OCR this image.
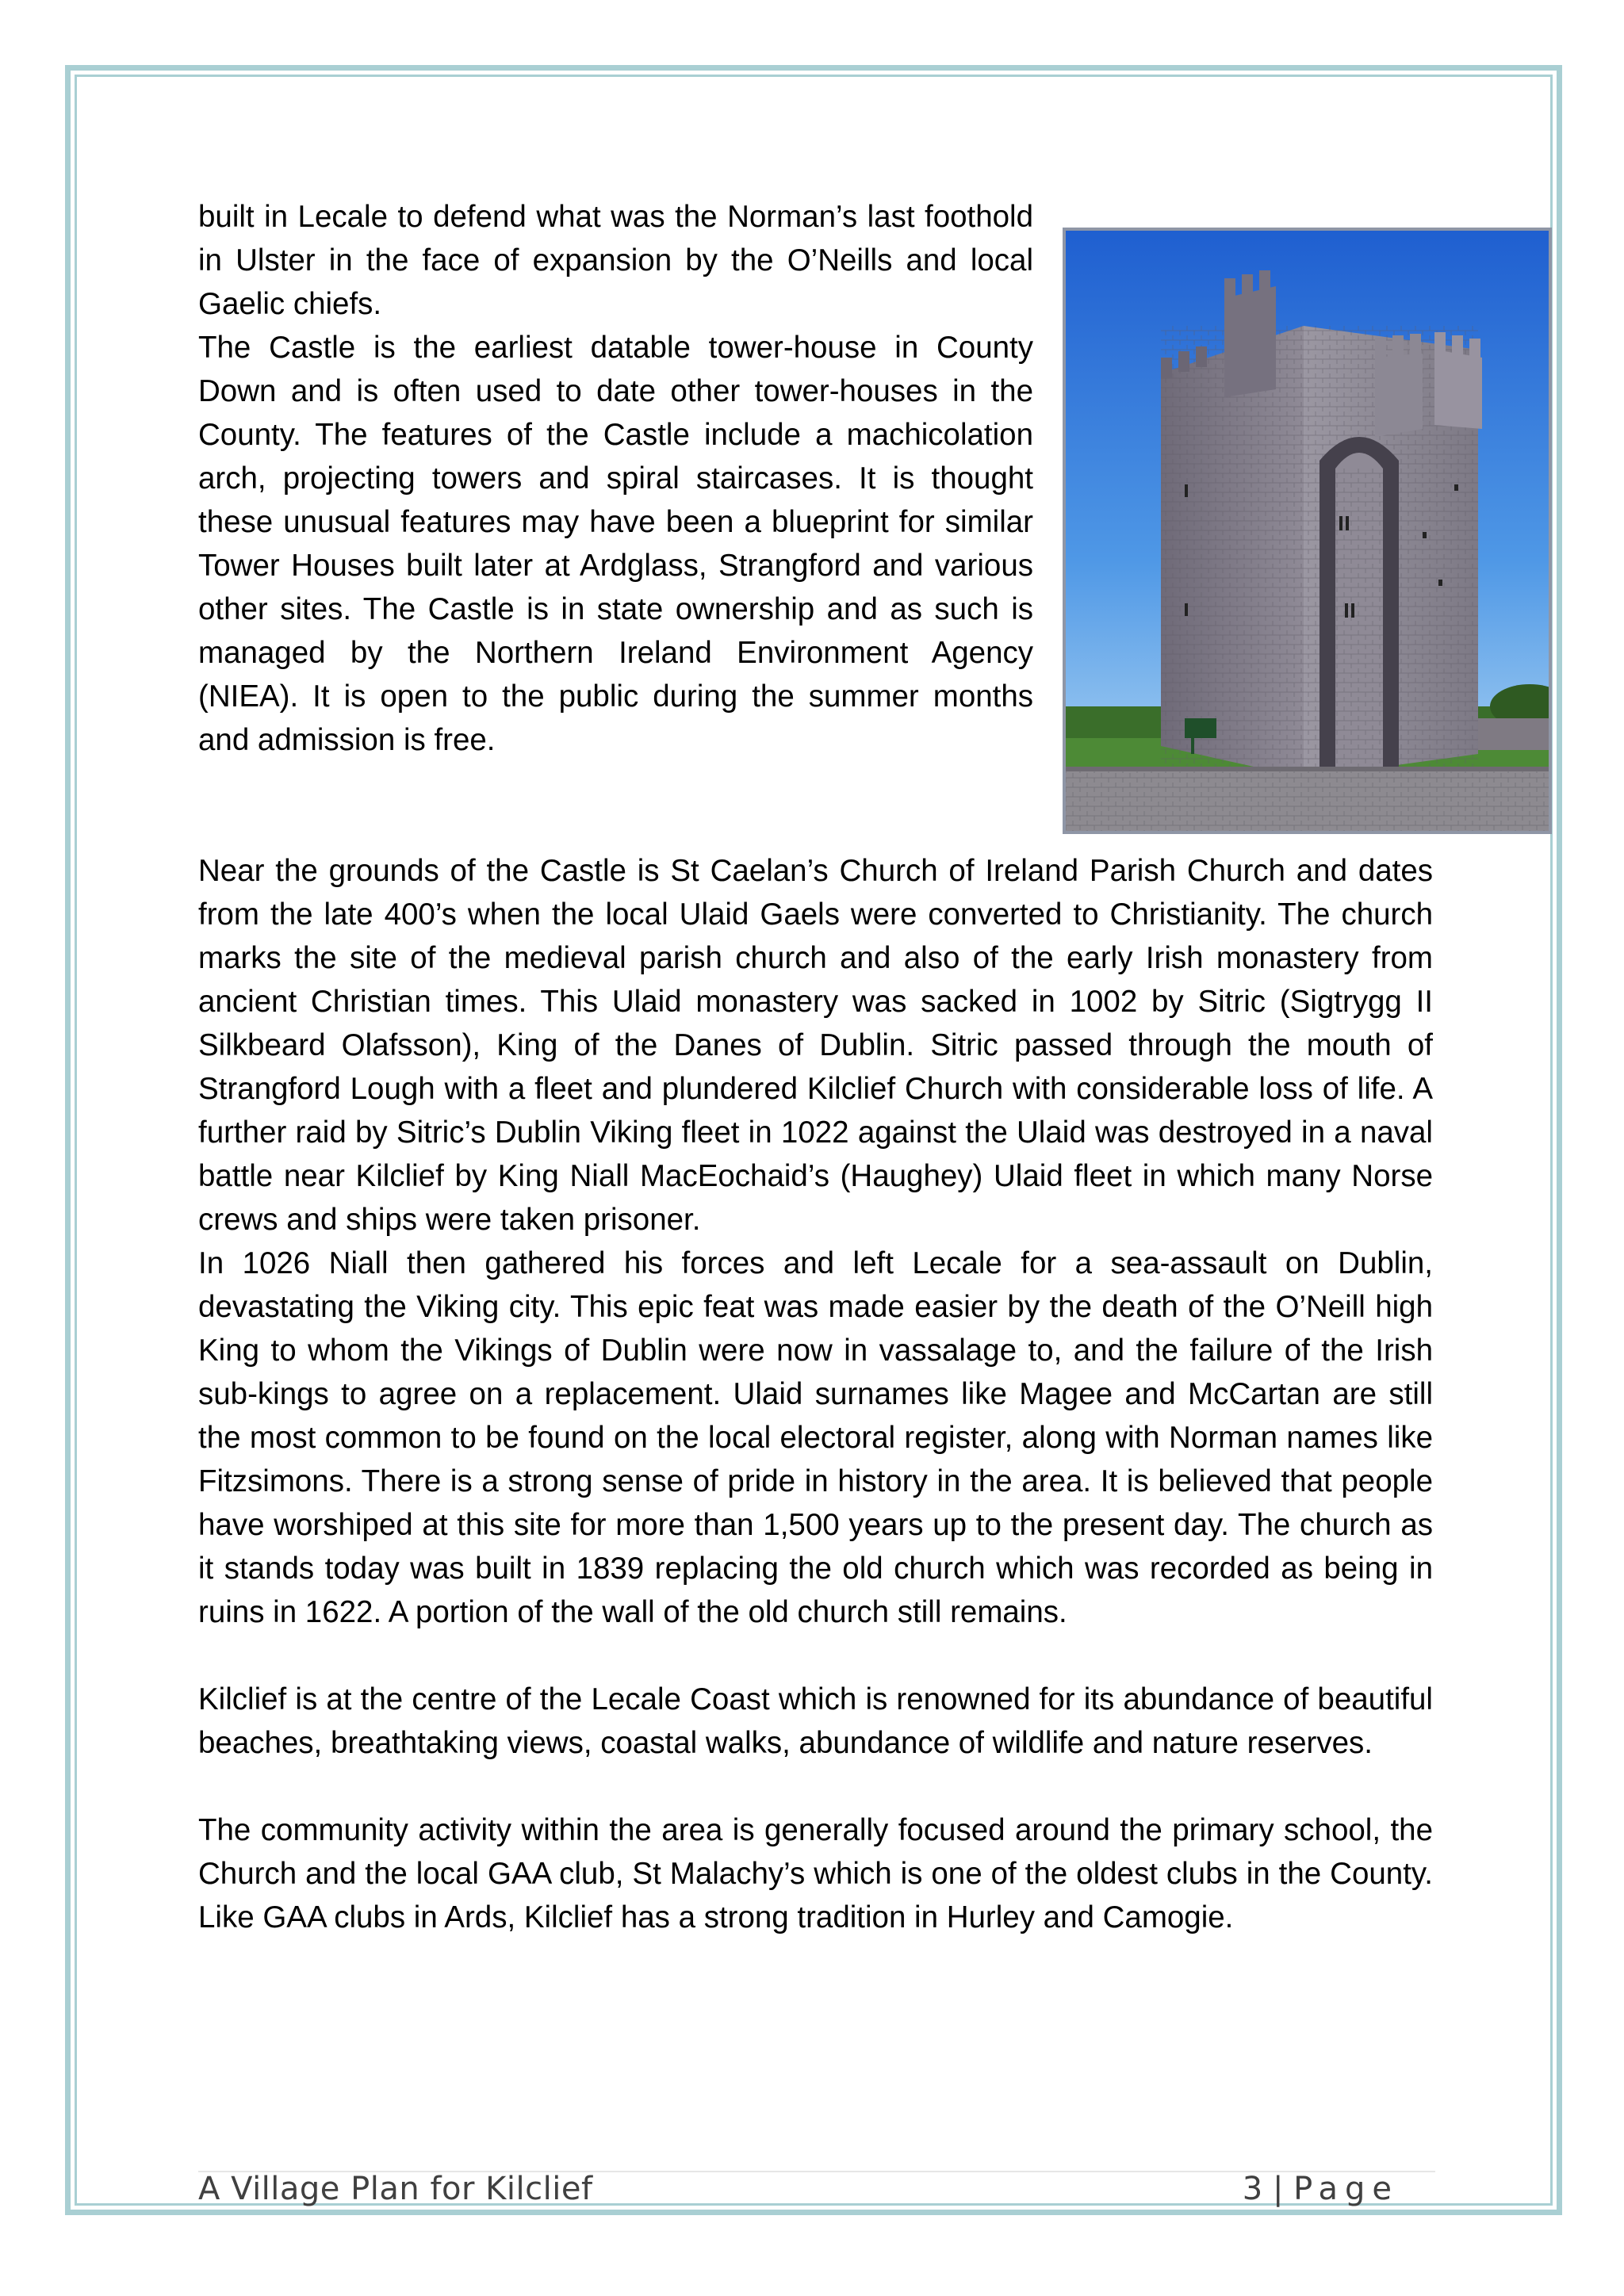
built in Lecale to defend what was the Norman’s last foothold in Ulster in the face of expansion by the O’Neills and local Gaelic chiefs.

The Castle is the earliest datable tower-house in County Down and is often used to date other tower-houses in the County. The features of the Castle include a machicolation arch, projecting towers and spiral staircases. It is thought these unusual features may have been a blueprint for similar Tower Houses built later at Ardglass, Strangford and various other sites. The Castle is in state ownership and as such is managed by the Northern Ireland Environment Agency (NIEA). It is open to the public during the summer months and admission is free.

Near the grounds of the Castle is St Caelan’s Church of Ireland Parish Church and dates from the late 400’s when the local Ulaid Gaels were converted to Christianity. The church marks the site of the medieval parish church and also of the early Irish monastery from ancient Christian times. This Ulaid monastery was sacked in 1002 by Sitric (Sigtrygg II Silkbeard Olafsson), King of the Danes of Dublin. Sitric passed through the mouth of Strangford Lough with a fleet and plundered Kilclief Church with considerable loss of life. A further raid by Sitric’s Dublin Viking fleet in 1022 against the Ulaid was destroyed in a naval battle near Kilclief by King Niall MacEochaid’s (Haughey) Ulaid fleet in which many Norse crews and ships were taken prisoner.

In 1026 Niall then gathered his forces and left Lecale for a sea-assault on Dublin, devastating the Viking city. This epic feat was made easier by the death of the O’Neill high King to whom the Vikings of Dublin were now in vassalage to, and the failure of the Irish sub-kings to agree on a replacement. Ulaid surnames like Magee and McCartan are still the most common to be found on the local electoral register, along with Norman names like Fitzsimons. There is a strong sense of pride in history in the area. It is believed that people have worshiped at this site for more than 1,500 years up to the present day. The church as it stands today was built in 1839 replacing the old church which was recorded as being in ruins in 1622. A portion of the wall of the old church still remains.

Kilclief is at the centre of the Lecale Coast which is renowned for its abundance of beautiful beaches, breathtaking views, coastal walks, abundance of wildlife and nature reserves.

The community activity within the area is generally focused around the primary school, the Church and the local GAA club, St Malachy’s which is one of the oldest clubs in the County. Like GAA clubs in Ards, Kilclief has a strong tradition in Hurley and Camogie.

A Village Plan for Kilclief	3 | Page
